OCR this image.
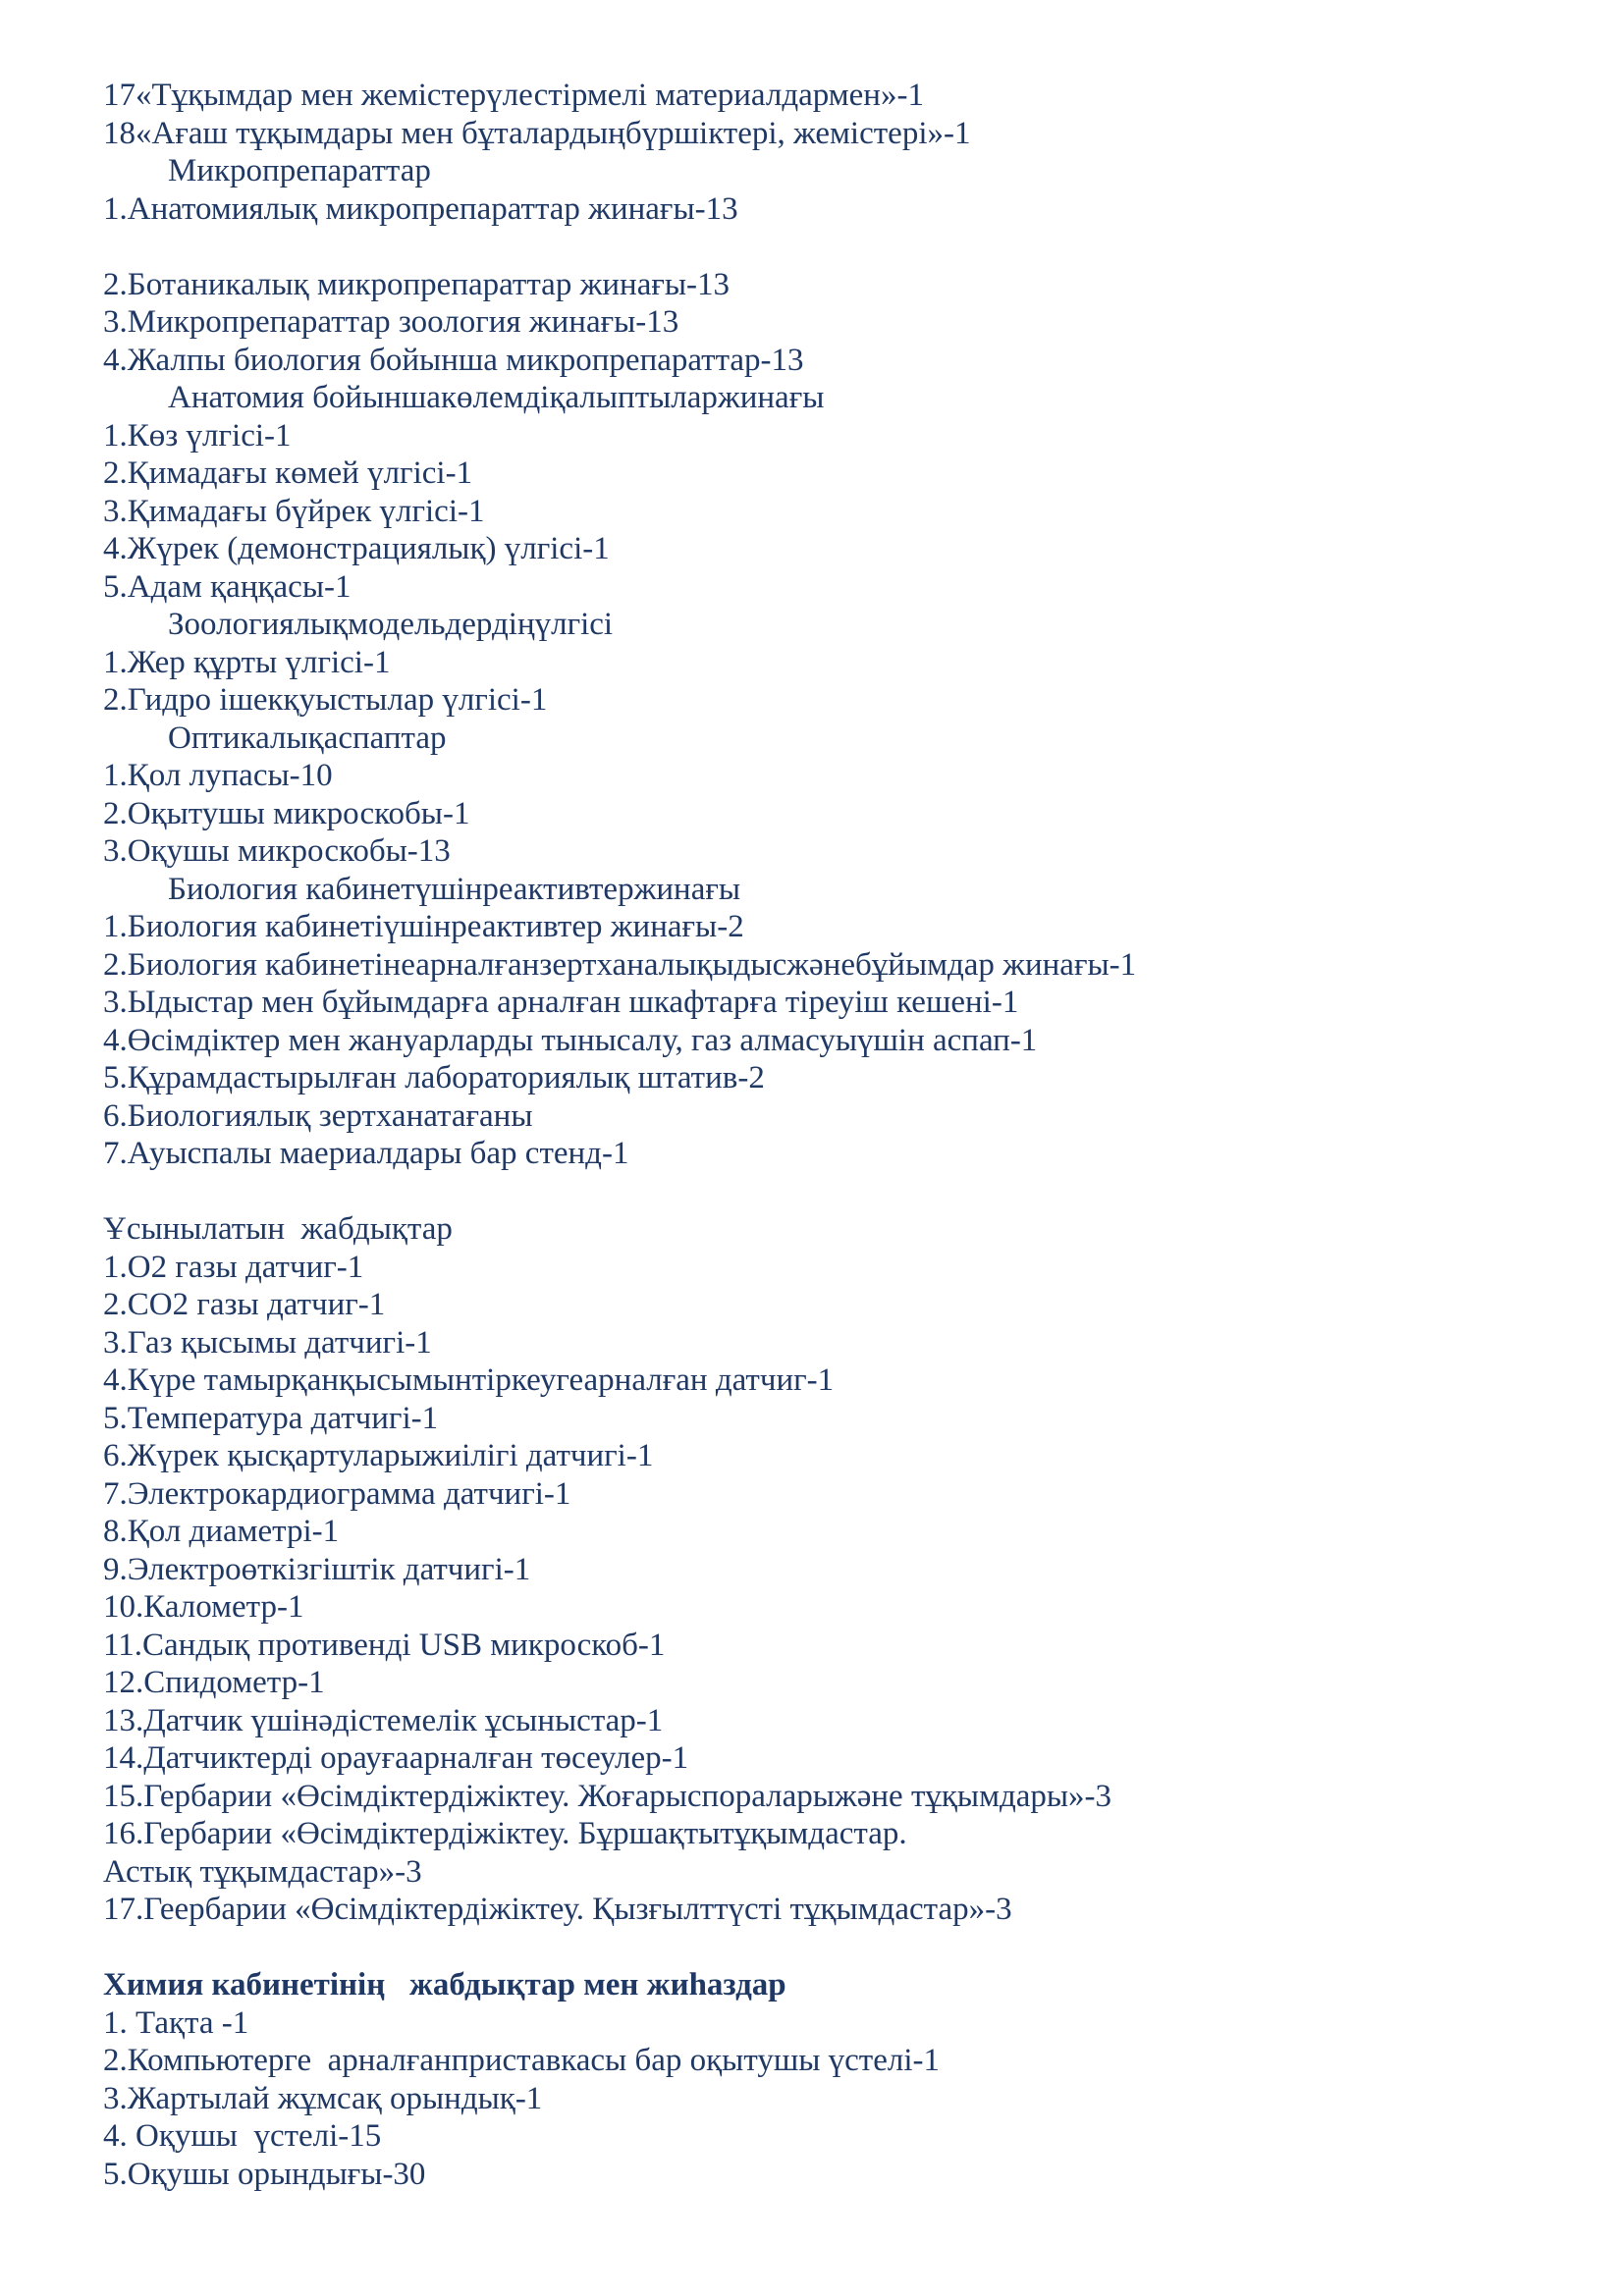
17«Тұқымдар мен жемістерүлестірмелі материалдармен»-1
18«Ағаш тұқымдары мен бұталардыңбүршіктері, жемістері»-1
Микропрепараттар
1.Анатомиялық микропрепараттар жинағы-13

2.Ботаникалық микропрепараттар жинағы-13
3.Микропрепараттар зоология жинағы-13
4.Жалпы биология бойынша микропрепараттар-13
Анатомия бойыншакөлемдіқалыптыларжинағы
1.Көз үлгісі-1
2.Қимадағы көмей үлгісі-1
3.Қимадағы бүйрек үлгісі-1
4.Жүрек (демонстрациялық) үлгісі-1
5.Адам қаңқасы-1
Зоологиялықмодельдердіңүлгісі
1.Жер құрты үлгісі-1
2.Гидро ішекқуыстылар үлгісі-1
Оптикалықаспаптар
1.Қол лупасы-10
2.Оқытушы микроскобы-1
3.Оқушы микроскобы-13
Биология кабинетүшінреактивтержинағы
1.Биология кабинетіүшінреактивтер жинағы-2
2.Биология кабинетінеарналғанзертханалықыдысжәнебұйымдар жинағы-1
3.Ыдыстар мен бұйымдарға арналған шкафтарға тіреуіш кешені-1
4.Өсімдіктер мен жануарларды тынысалу, газ алмасуыүшін аспап-1
5.Құрамдастырылған лабораториялық штатив-2
6.Биологиялық зертханатағаны
7.Ауыспалы маериалдары бар стенд-1

Ұсынылатын  жабдықтар
1.О2 газы датчиг-1
2.СО2 газы датчиг-1
3.Газ қысымы датчигі-1
4.Күре тамырқанқысымынтіркеугеарналған датчиг-1
5.Температура датчигі-1
6.Жүрек қысқартуларыжиілігі датчигі-1
7.Электрокардиограмма датчигі-1
8.Қол диаметрі-1
9.Электроөткізгіштік датчигі-1
10.Калометр-1
11.Сандық противенді USB микроскоб-1
12.Спидометр-1
13.Датчик үшінәдістемелік ұсыныстар-1
14.Датчиктерді орауғаарналған төсеулер-1
15.Гербарии «Өсімдіктердіжіктеу. Жоғарыспораларыжәне тұқымдары»-3
16.Гербарии «Өсімдіктердіжіктеу. Бұршақтытұқымдастар.
Астық тұқымдастар»-3
17.Геербарии «Өсімдіктердіжіктеу. Қызғылттүсті тұқымдастар»-3

Химия кабинетінің   жабдықтар мен жиһаздар
1. Тақта -1
2.Компьютерге  арналғанприставкасы бар оқытушы үстелі-1
3.Жартылай жұмсақ орындық-1
4. Оқушы  үстелі-15
5.Оқушы орындығы-30
